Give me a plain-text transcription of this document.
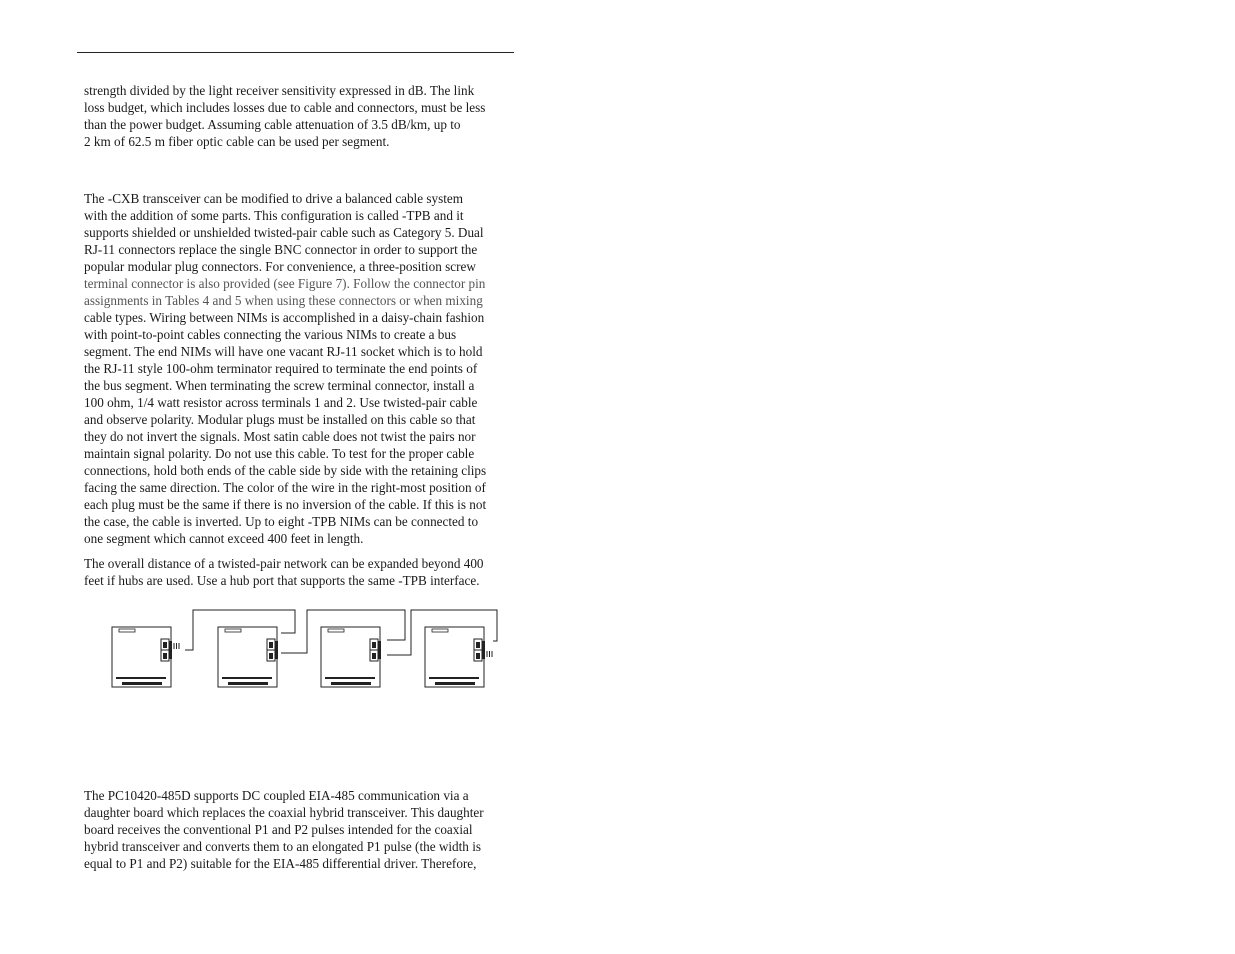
strength divided by the light receiver sensitivity expressed in dB. The link
loss budget, which includes losses due to cable and connectors, must be less
than the power budget. Assuming cable attenuation of 3.5 dB/km, up to
2 km of 62.5 m fiber optic cable can be used per segment.
The -CXB transceiver can be modified to drive a balanced cable system
with the addition of some parts. This configuration is called -TPB and it
supports shielded or unshielded twisted-pair cable such as Category 5. Dual
RJ-11 connectors replace the single BNC connector in order to support the
popular modular plug connectors. For convenience, a three-position screw
terminal connector is also provided (see Figure 7). Follow the connector pin
assignments in Tables 4 and 5 when using these connectors or when mixing
cable types. Wiring between NIMs is accomplished in a daisy-chain fashion
with point-to-point cables connecting the various NIMs to create a bus
segment. The end NIMs will have one vacant RJ-11 socket which is to hold
the RJ-11 style 100-ohm terminator required to terminate the end points of
the bus segment. When terminating the screw terminal connector, install a
100 ohm, 1/4 watt resistor across terminals 1 and 2. Use twisted-pair cable
and observe polarity. Modular plugs must be installed on this cable so that
they do not invert the signals. Most satin cable does not twist the pairs nor
maintain signal polarity. Do not use this cable. To test for the proper cable
connections, hold both ends of the cable side by side with the retaining clips
facing the same direction. The color of the wire in the right-most position of
each plug must be the same if there is no inversion of the cable. If this is not
the case, the cable is inverted. Up to eight -TPB NIMs can be connected to
one segment which cannot exceed 400 feet in length.
The overall distance of a twisted-pair network can be expanded beyond 400
feet if hubs are used. Use a hub port that supports the same -TPB interface.
The PC10420-485D supports DC coupled EIA-485 communication via a
daughter board which replaces the coaxial hybrid transceiver. This daughter
board receives the conventional P1 and P2 pulses intended for the coaxial
hybrid transceiver and converts them to an elongated P1 pulse (the width is
equal to P1 and P2) suitable for the EIA-485 differential driver. Therefore,
